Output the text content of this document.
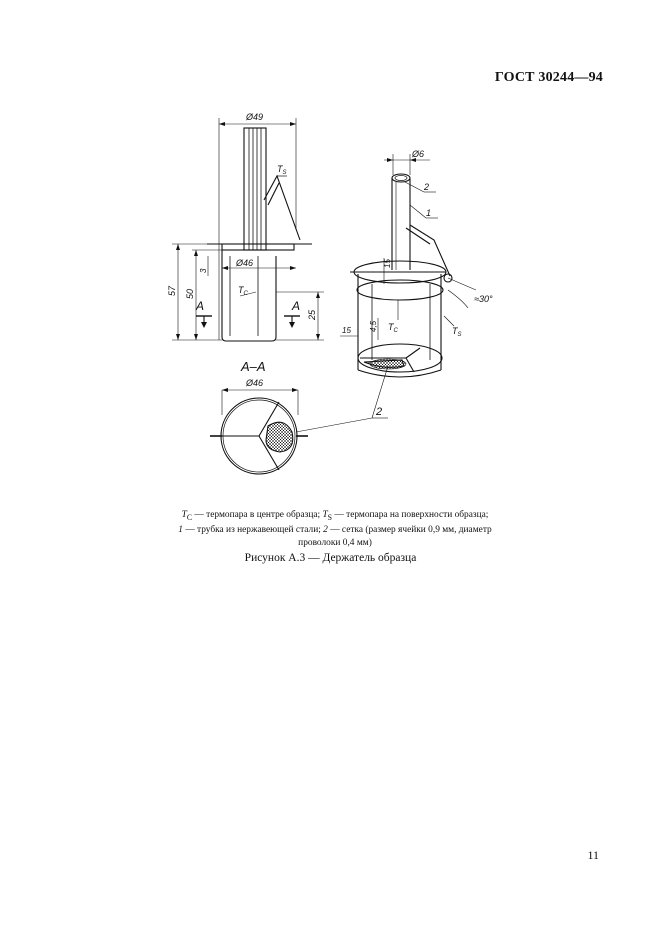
ГОСТ 30244—94
Ø49
$T_S$
Ø46
$T_C$
57 50
3
А	А
25
А–А
Ø46
Ø6
2
1
15
$T_C$
15 4,5
≈30°
$T_S$
2
$T_C$ — термопара в центре образца; $T_S$ — термопара на поверхности образца;
1 — трубка из нержавеющей стали; 2 — сетка (размер ячейки 0,9 мм, диаметр
проволоки 0,4 мм)
Рисунок А.3 — Держатель образца
11
